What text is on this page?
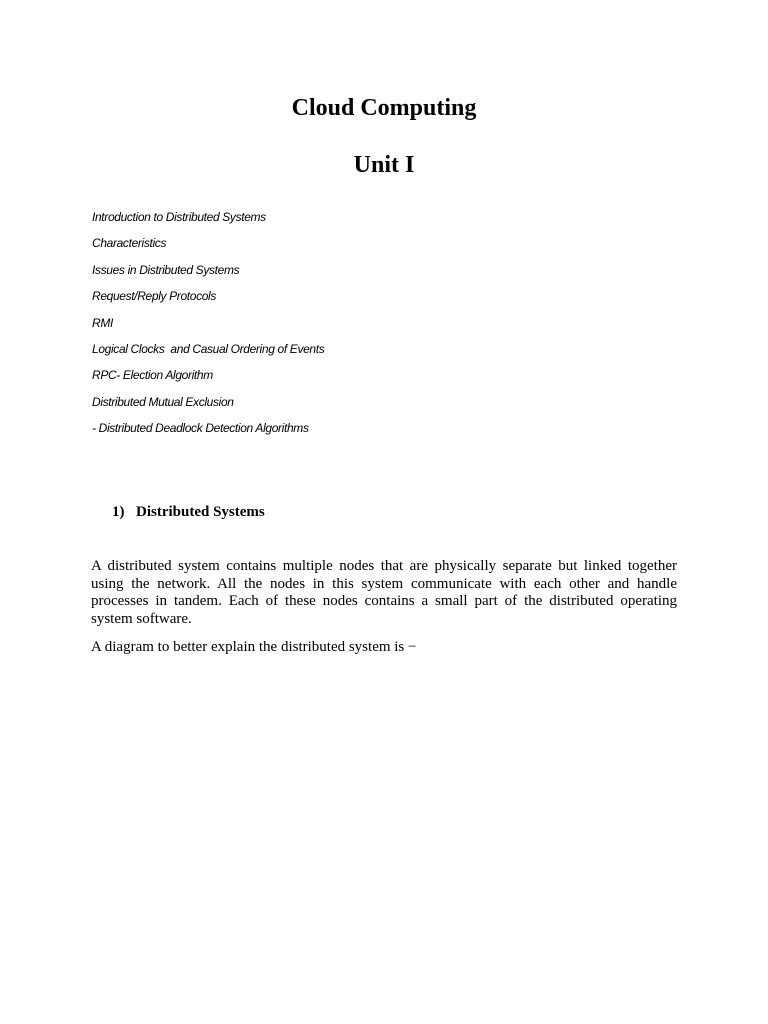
Cloud Computing
Unit I
Introduction to Distributed Systems
Characteristics
Issues in Distributed Systems
Request/Reply Protocols
RMI
Logical Clocks  and Casual Ordering of Events
RPC- Election Algorithm
Distributed Mutual Exclusion
- Distributed Deadlock Detection Algorithms
1) Distributed Systems

A distributed system contains multiple nodes that are physically separate but linked together using the network. All the nodes in this system communicate with each other and handle processes in tandem. Each of these nodes contains a small part of the distributed operating system software.

A diagram to better explain the distributed system is −
